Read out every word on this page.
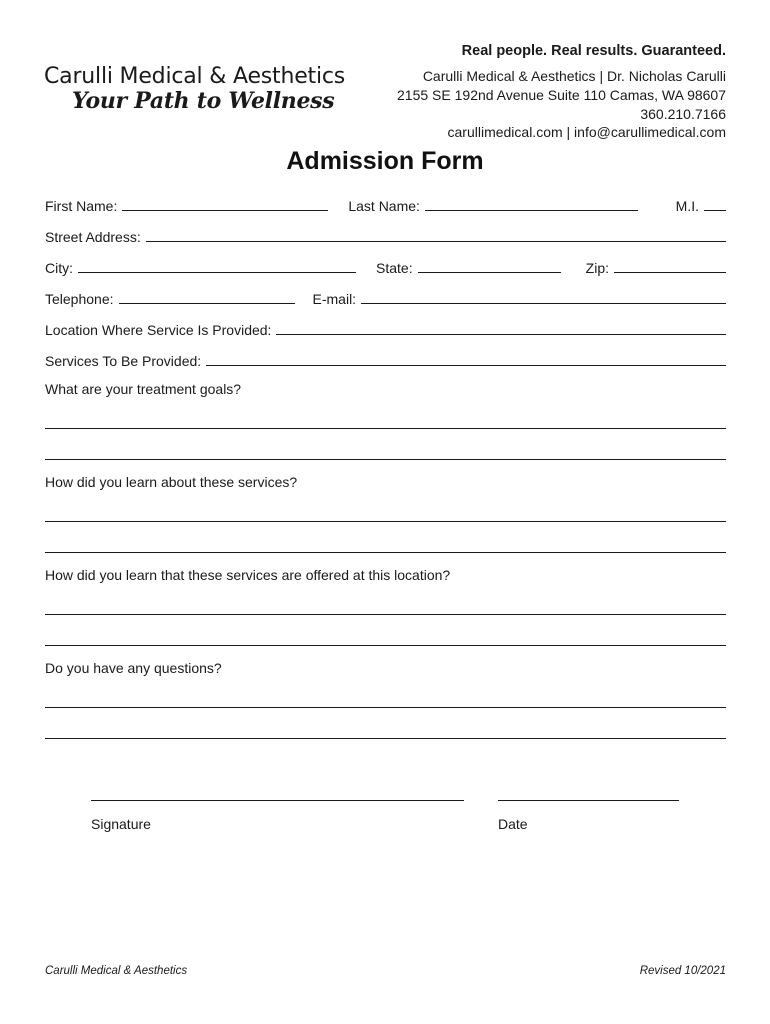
Carulli Medical & Aesthetics
Your Path to Wellness
Real people. Real results. Guaranteed.
Carulli Medical & Aesthetics | Dr. Nicholas Carulli
2155 SE 192nd Avenue Suite 110 Camas, WA 98607
360.210.7166
carullimedical.com | info@carullimedical.com
Admission Form
First Name:	Last Name:	M.I.
Street Address:
City:	State:	Zip:
Telephone:	E-mail:
Location Where Service Is Provided:
Services To Be Provided:
What are your treatment goals?
How did you learn about these services?
How did you learn that these services are offered at this location?
Do you have any questions?
Signature	Date
Carulli Medical & Aesthetics	Revised 10/2021
